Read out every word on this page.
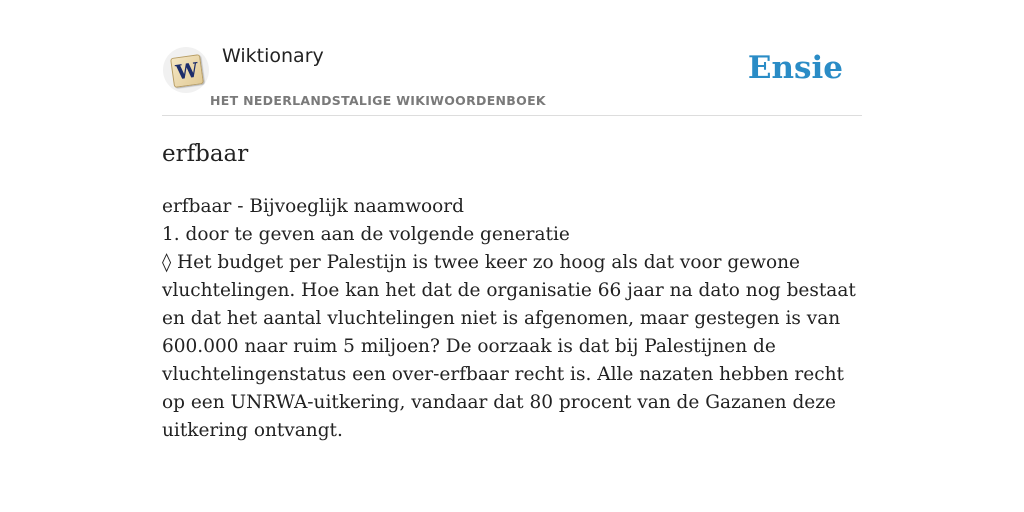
W
Wiktionary
HET NEDERLANDSTALIGE WIKIWOORDENBOEK
Ensie
erfbaar

erfbaar - Bijvoeglijk naamwoord

1. door te geven aan de volgende generatie

◊ Het budget per Palestijn is twee keer zo hoog als dat voor gewone vluchtelingen. Hoe kan het dat de organisatie 66 jaar na dato nog bestaat en dat het aantal vluchtelingen niet is afgenomen, maar gestegen is van 600.000 naar ruim 5 miljoen? De oorzaak is dat bij Palestijnen de vluchtelingenstatus een over-erfbaar recht is. Alle nazaten hebben recht op een UNRWA-uitkering, vandaar dat 80 procent van de Gazanen deze uitkering ontvangt.
